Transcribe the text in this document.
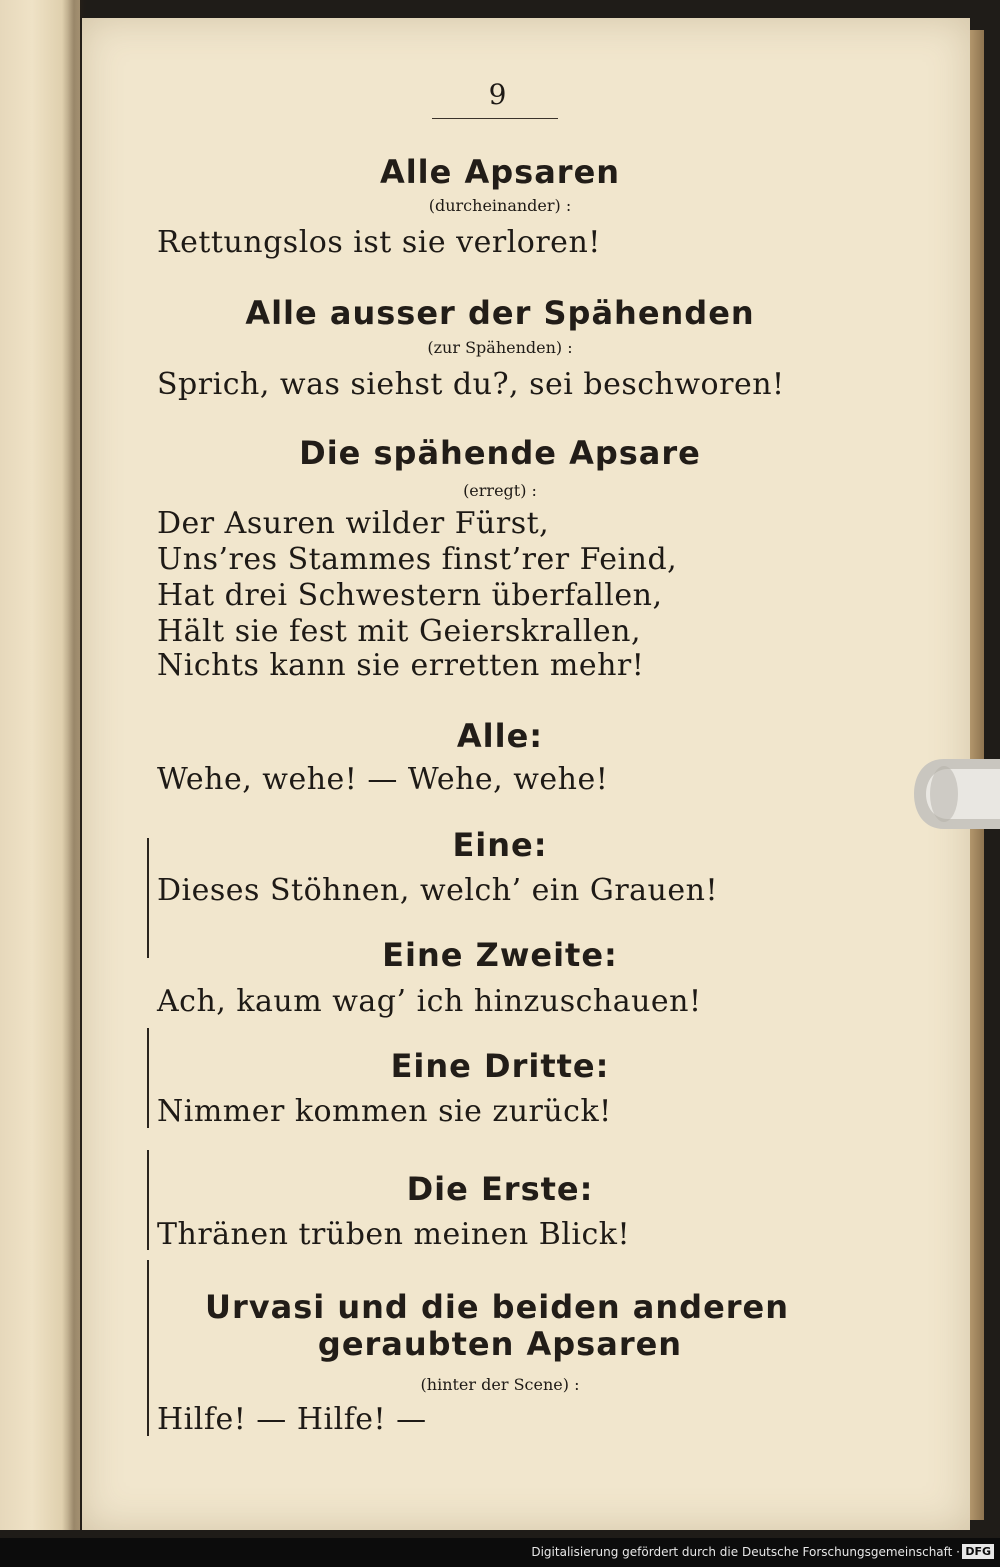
9
Alle Apsaren
(durcheinander) :
Rettungslos ist sie verloren!
Alle ausser der Spähenden
(zur Spähenden) :
Sprich, was siehst du?, sei beschworen!
Die spähende Apsare
(erregt) :
Der Asuren wilder Fürst,
Uns’res Stammes finst’rer Feind,
Hat drei Schwestern überfallen,
Hält sie fest mit Geierskrallen,
Nichts kann sie erretten mehr!
Alle:
Wehe, wehe! — Wehe, wehe!
Eine:
Dieses Stöhnen, welch’ ein Grauen!
Eine Zweite:
Ach, kaum wag’ ich hinzuschauen!
Eine Dritte:
Nimmer kommen sie zurück!
Die Erste:
Thränen trüben meinen Blick!
Urvasi und die beiden anderen
geraubten Apsaren
(hinter der Scene) :
Hilfe! — Hilfe! —
Digitalisierung gefördert durch die Deutsche Forschungsgemeinschaft · DFG
